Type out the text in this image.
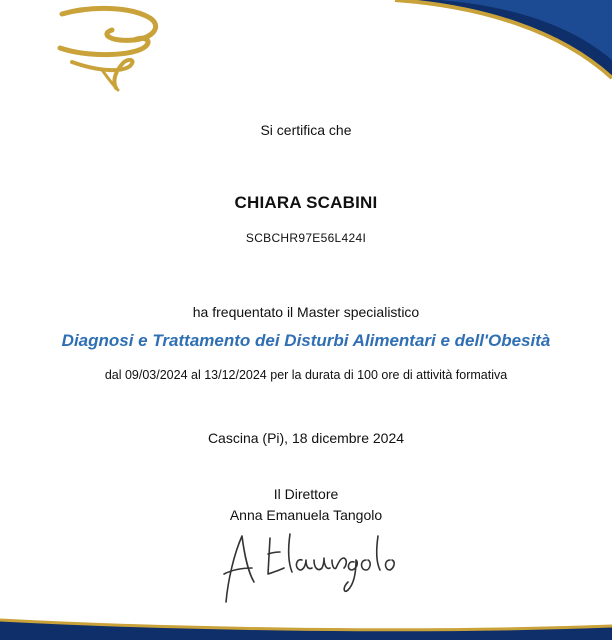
Si certifica che

CHIARA SCABINI

SCBCHR97E56L424I

ha frequentato il Master specialistico

Diagnosi e Trattamento dei Disturbi Alimentari e dell'Obesità

dal 09/03/2024 al 13/12/2024 per la durata di 100 ore di attività formativa

Cascina (Pi), 18 dicembre 2024

Il Direttore

Anna Emanuela Tangolo

A Elaungolo
